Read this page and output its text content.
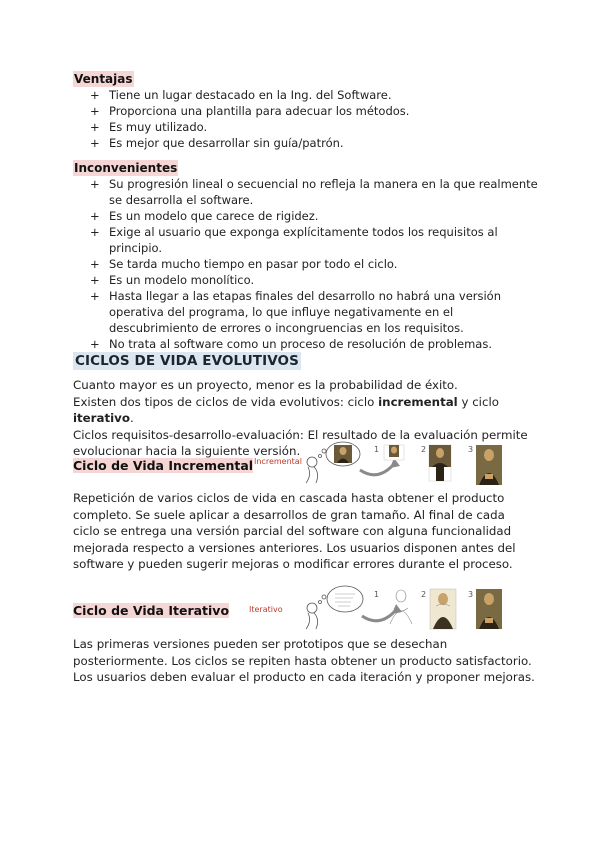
Ventajas
+ Tiene un lugar destacado en la Ing. del Software.
+ Proporciona una plantilla para adecuar los métodos.
+ Es muy utilizado.
+ Es mejor que desarrollar sin guía/patrón.
Inconvenientes
+ Su progresión lineal o secuencial no refleja la manera en la que realmente se desarrolla el software.
+ Es un modelo que carece de rigidez.
+ Exige al usuario que exponga explícitamente todos los requisitos al principio.
+ Se tarda mucho tiempo en pasar por todo el ciclo.
+ Es un modelo monolítico.
+ Hasta llegar a las etapas finales del desarrollo no habrá una versión operativa del programa, lo que influye negativamente en el descubrimiento de errores o incongruencias en los requisitos.
+ No trata al software como un proceso de resolución de problemas.
CICLOS DE VIDA EVOLUTIVOS

Cuanto mayor es un proyecto, menor es la probabilidad de éxito.

Existen dos tipos de ciclos de vida evolutivos: ciclo incremental y ciclo iterativo.

Ciclos requisitos-desarrollo-evaluación: El resultado de la evaluación permite evolucionar hacia la siguiente versión.

Ciclo de Vida Incremental Incremental
1	2	3

Repetición de varios ciclos de vida en cascada hasta obtener el producto completo. Se suele aplicar a desarrollos de gran tamaño. Al final de cada ciclo se entrega una versión parcial del software con alguna funcionalidad mejorada respecto a versiones anteriores. Los usuarios disponen antes del software y pueden sugerir mejoras o modificar errores durante el proceso.

Ciclo de Vida Iterativo Iterativo
1	2	3

Las primeras versiones pueden ser prototipos que se desechan posteriormente. Los ciclos se repiten hasta obtener un producto satisfactorio. Los usuarios deben evaluar el producto en cada iteración y proponer mejoras.
